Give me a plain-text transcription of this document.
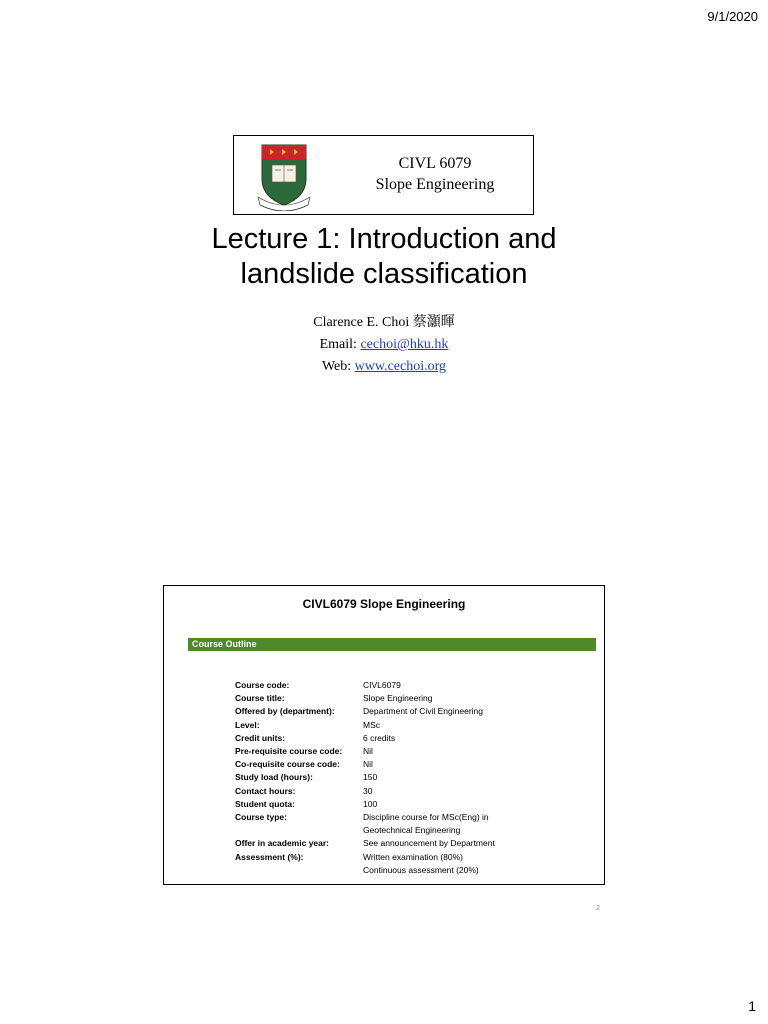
9/1/2020
CIVL 6079
Slope Engineering
Lecture 1: Introduction and
landslide classification
Clarence E. Choi 蔡灝暉
Email: cechoi@hku.hk
Web: www.cechoi.org
CIVL6079 Slope Engineering
Course Outline
Course code:	CIVL6079
Course title:	Slope Engineering
Offered by (department):	Department of Civil Engineering
Level:	MSc
Credit units:	6 credits
Pre-requisite course code:	Nil
Co-requisite course code:	Nil
Study load (hours):	150
Contact hours:	30
Student quota:	100
Course type:	Discipline course for MSc(Eng) in
Geotechnical Engineering
Offer in academic year:	See announcement by Department
Assessment (%):	Written examination (80%)
Continuous assessment (20%)
2
1
